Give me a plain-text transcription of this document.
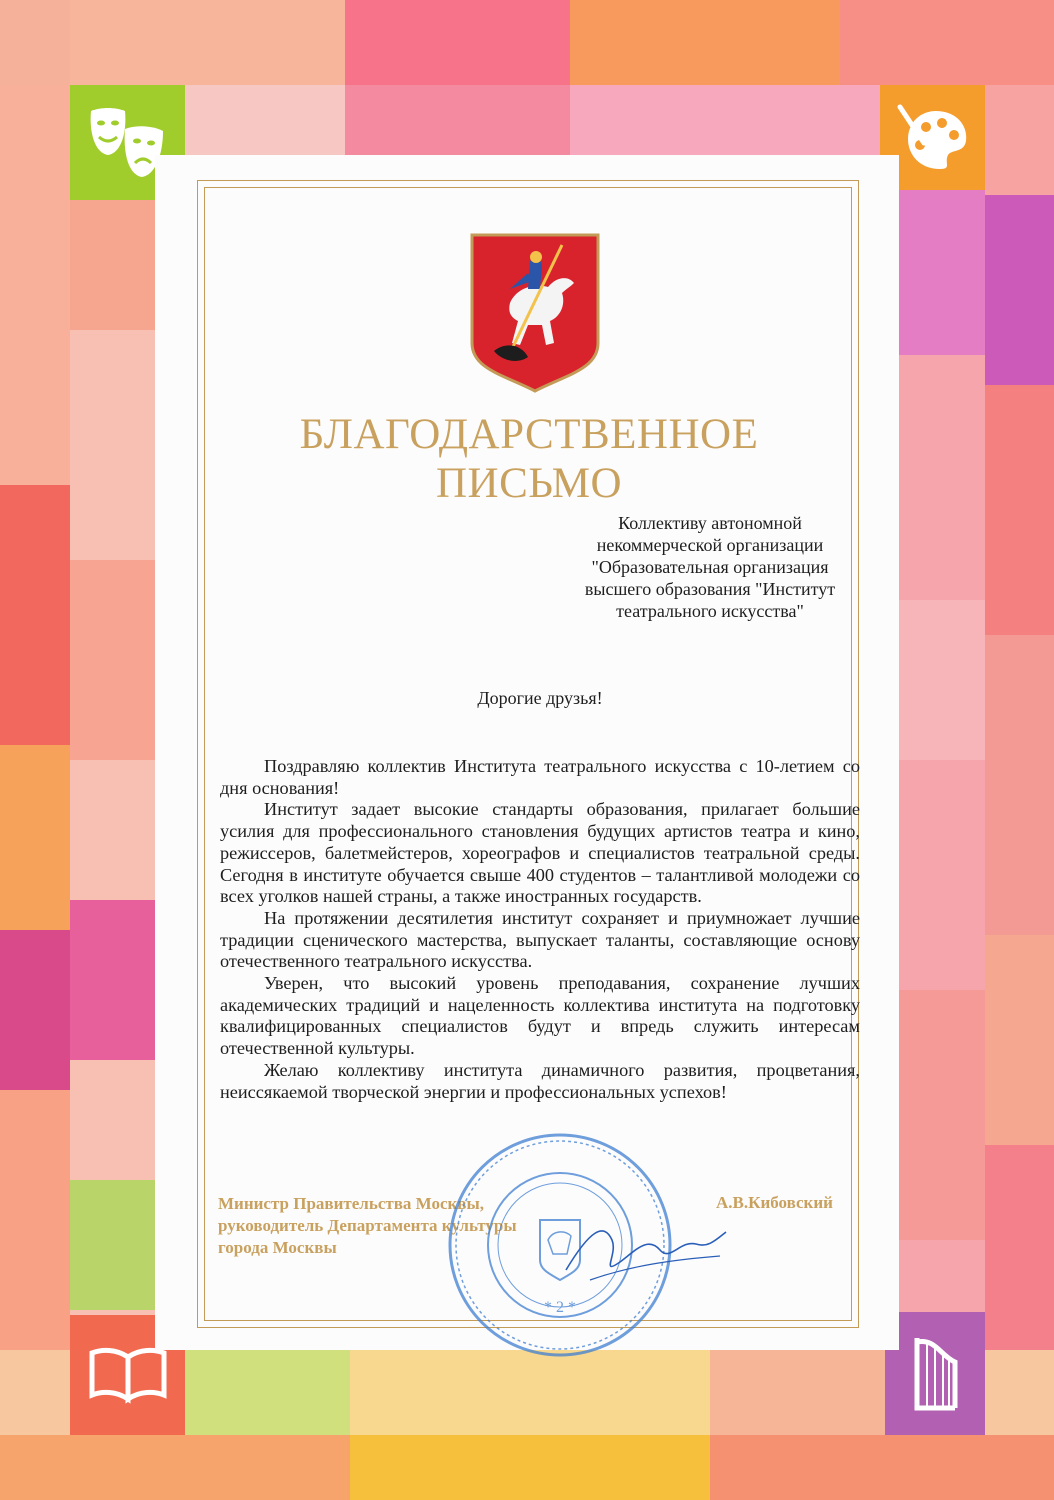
БЛАГОДАРСТВЕННОЕ ПИСЬМО
Коллективу автономной
некоммерческой организации
"Образовательная организация
высшего образования "Институт
театрального искусства"
Дорогие друзья!

Поздравляю коллектив Института театрального искусства с 10-летием со дня основания!

Институт задает высокие стандарты образования, прилагает большие усилия для профессионального становления будущих артистов театра и кино, режиссеров, балетмейстеров, хореографов и специалистов театральной среды. Сегодня в институте обучается свыше 400 студентов – талантливой молодежи со всех уголков нашей страны, а также иностранных государств.

На протяжении десятилетия институт сохраняет и приумножает лучшие традиции сценического мастерства, выпускает таланты, составляющие основу отечественного театрального искусства.

Уверен, что высокий уровень преподавания, сохранение лучших академических традиций и нацеленность коллектива института на подготовку квалифицированных специалистов будут и впредь служить интересам отечественной культуры.

Желаю коллективу института динамичного развития, процветания, неиссякаемой творческой энергии и профессиональных успехов!

Министр Правительства Москвы,
руководитель Департамента культуры
города Москвы
А.В.Кибовский
* 2 *
